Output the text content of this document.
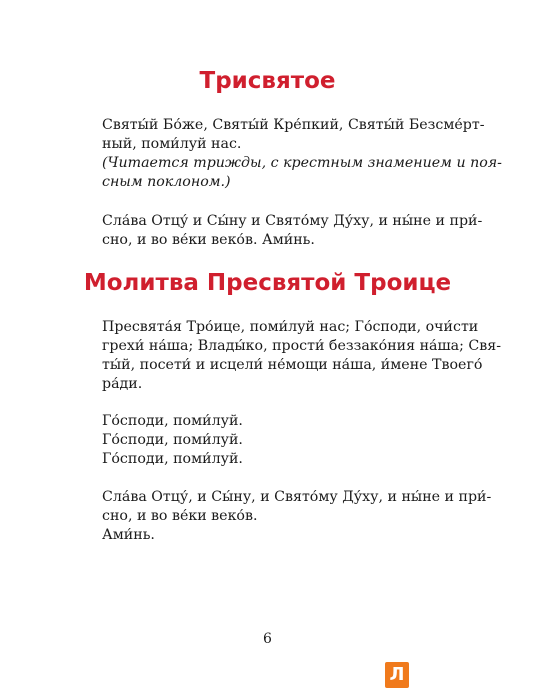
Трисвятое

Святы́й Бо́же, Святы́й Кре́пкий, Святы́й Безсме́рт-
ный, поми́луй нас.

(Читается трижды, с крестным знамением и поя-
сным поклоном.)

Сла́ва Отцу́ и Сы́ну и Свято́му Ду́ху, и ны́не и при́-
сно, и во ве́ки веко́в. Ами́нь.

Молитва Пресвятой Троице

Пресвята́я Тро́ице, поми́луй нас; Го́споди, очи́сти
грехи́ на́ша; Влады́ко, прости́ беззако́ния на́ша; Свя-
ты́й, посети́ и исцели́ не́мощи на́ша, и́мене Твоего́
ра́ди.

Го́споди, поми́луй.
Го́споди, поми́луй.
Го́споди, поми́луй.

Сла́ва Отцу́, и Сы́ну, и Свято́му Ду́ху, и ны́не и при́-
сно, и во ве́ки веко́в.
Ами́нь.

6

Л
